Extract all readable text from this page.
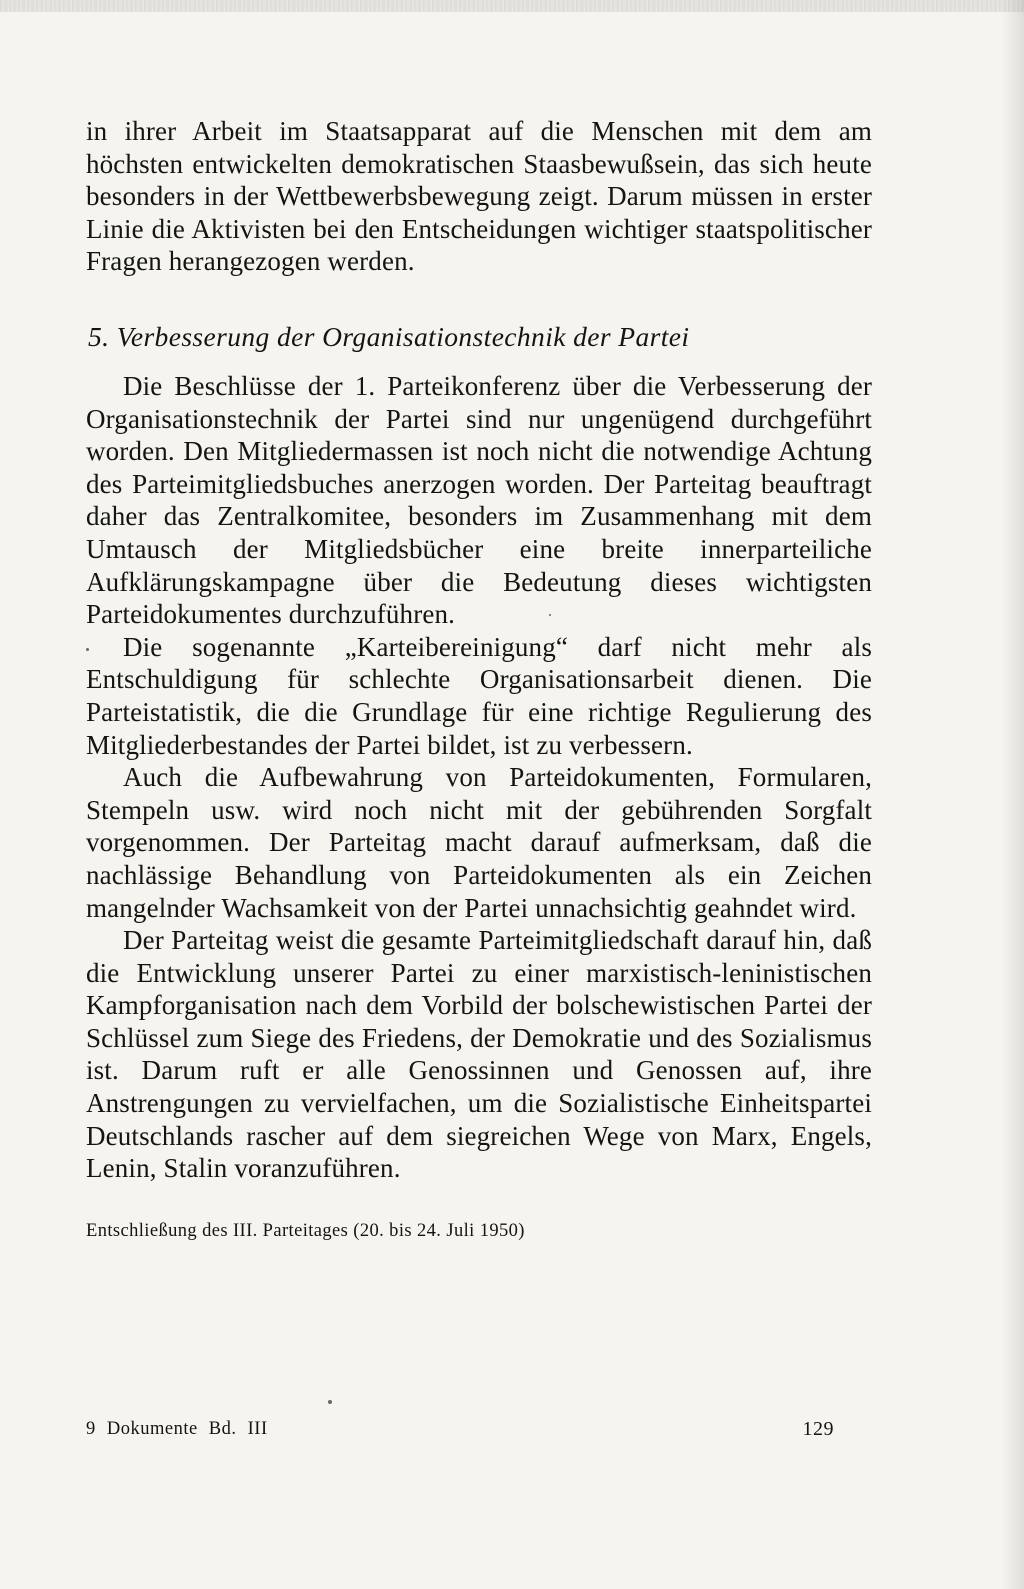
in ihrer Arbeit im Staatsapparat auf die Menschen mit dem am höchsten entwickelten demokratischen Staasbewußsein, das sich heute besonders in der Wettbewerbsbewegung zeigt. Darum müssen in erster Linie die Aktivisten bei den Entscheidungen wichtiger staatspolitischer Fragen herangezogen werden.

5. Verbesserung der Organisationstechnik der Partei

Die Beschlüsse der 1. Parteikonferenz über die Verbesserung der Organisationstechnik der Partei sind nur ungenügend durchgeführt worden. Den Mitgliedermassen ist noch nicht die notwendige Achtung des Parteimitgliedsbuches anerzogen worden. Der Parteitag beauftragt daher das Zentralkomitee, besonders im Zusammenhang mit dem Umtausch der Mitgliedsbücher eine breite innerparteiliche Aufklärungskampagne über die Bedeutung dieses wichtigsten Parteidokumentes durchzuführen.

Die sogenannte „Karteibereinigung“ darf nicht mehr als Entschuldigung für schlechte Organisationsarbeit dienen. Die Parteistatistik, die die Grundlage für eine richtige Regulierung des Mitgliederbestandes der Partei bildet, ist zu verbessern.

Auch die Aufbewahrung von Parteidokumenten, Formularen, Stempeln usw. wird noch nicht mit der gebührenden Sorgfalt vorgenommen. Der Parteitag macht darauf aufmerksam, daß die nachlässige Behandlung von Parteidokumenten als ein Zeichen mangelnder Wachsamkeit von der Partei unnachsichtig geahndet wird.

Der Parteitag weist die gesamte Parteimitgliedschaft darauf hin, daß die Entwicklung unserer Partei zu einer marxistisch-leninistischen Kampforganisation nach dem Vorbild der bolschewistischen Partei der Schlüssel zum Siege des Friedens, der Demokratie und des Sozialismus ist. Darum ruft er alle Genossinnen und Genossen auf, ihre Anstrengungen zu vervielfachen, um die Sozialistische Einheitspartei Deutschlands rascher auf dem siegreichen Wege von Marx, Engels, Lenin, Stalin voranzuführen.

Entschließung des III. Parteitages (20. bis 24. Juli 1950)
9 Dokumente Bd. III	129
